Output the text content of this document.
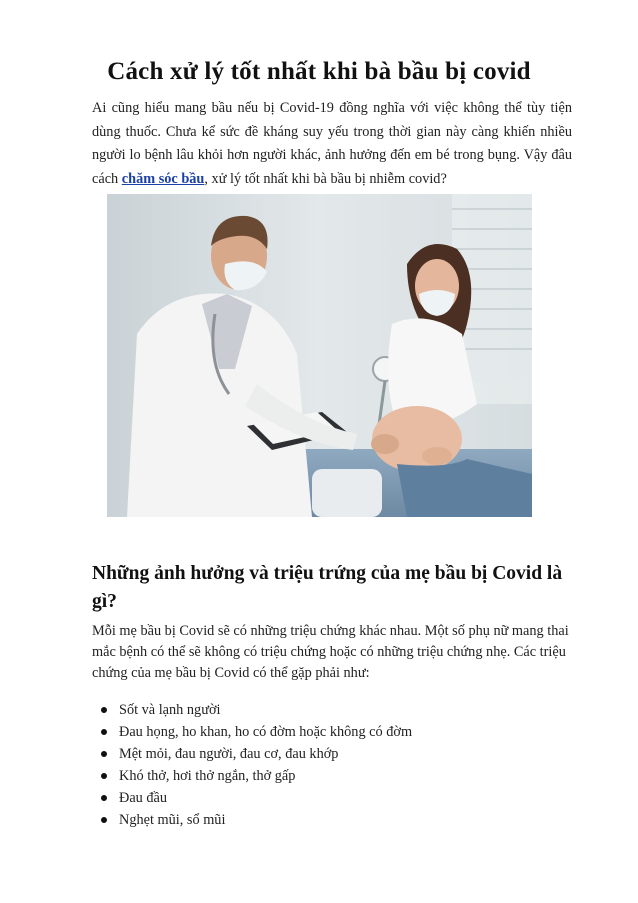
Cách xử lý tốt nhất khi bà bầu bị covid

Ai cũng hiểu mang bầu nếu bị Covid-19 đồng nghĩa với việc không thể tùy tiện dùng thuốc. Chưa kể sức đề kháng suy yếu trong thời gian này càng khiến nhiều người lo bệnh lâu khỏi hơn người khác, ảnh hưởng đến em bé trong bụng. Vậy đâu cách chăm sóc bầu, xử lý tốt nhất khi bà bầu bị nhiễm covid?

Những ảnh hưởng và triệu trứng của mẹ bầu bị Covid là gì?

Mỗi mẹ bầu bị Covid sẽ có những triệu chứng khác nhau. Một số phụ nữ mang thai mắc bệnh có thể sẽ không có triệu chứng hoặc có những triệu chứng nhẹ. Các triệu chứng của mẹ bầu bị Covid có thể gặp phải như:

Sốt và lạnh người
Đau họng, ho khan, ho có đờm hoặc không có đờm
Mệt mỏi, đau người, đau cơ, đau khớp
Khó thở, hơi thở ngắn, thở gấp
Đau đầu
Nghẹt mũi, sổ mũi
